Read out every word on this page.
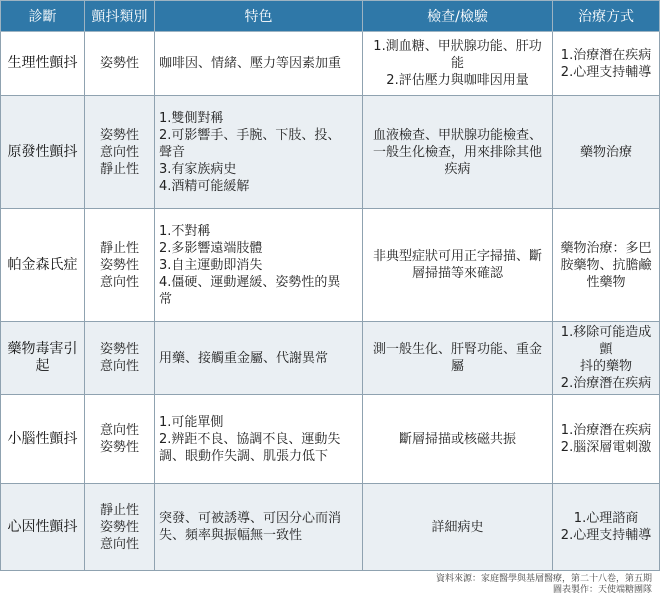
診斷	顫抖類別	特色	檢查/檢驗	治療方式
生理性顫抖	姿勢性	咖啡因、情緒、壓力等因素加重	1.測血糖、甲狀腺功能、肝功
能
2.評估壓力與咖啡因用量	1.治療潛在疾病
2.心理支持輔導

原發性顫抖	姿勢性
意向性
靜止性	1.雙側對稱
2.可影響手、手腕、下肢、投、
聲音
3.有家族病史
4.酒精可能緩解	血液檢查、甲狀腺功能檢查、
一般生化檢查，用來排除其他
疾病	藥物治療

帕金森氏症	靜止性
姿勢性
意向性	1.不對稱
2.多影響遠端肢體
3.自主運動即消失
4.僵硬、運動遲緩、姿勢性的異
常	非典型症狀可用正字掃描、斷
層掃描等來確認	藥物治療：多巴
胺藥物、抗膽鹼
性藥物

藥物毒害引起	姿勢性
意向性	用藥、接觸重金屬、代謝異常	測一般生化、肝腎功能、重金
屬	1.移除可能造成顫
抖的藥物
2.治療潛在疾病

小腦性顫抖	意向性
姿勢性	1.可能單側
2.辨距不良、協調不良、運動失
調、眼動作失調、肌張力低下	斷層掃描或核磁共振	1.治療潛在疾病
2.腦深層電刺激

心因性顫抖	靜止性
姿勢性
意向性	突發、可被誘導、可因分心而消
失、頻率與振幅無一致性	詳細病史	1.心理諮商
2.心理支持輔導
資料來源：家庭醫學與基層醫療，第二十八卷，第五期
圖表製作：天使端糖團隊
